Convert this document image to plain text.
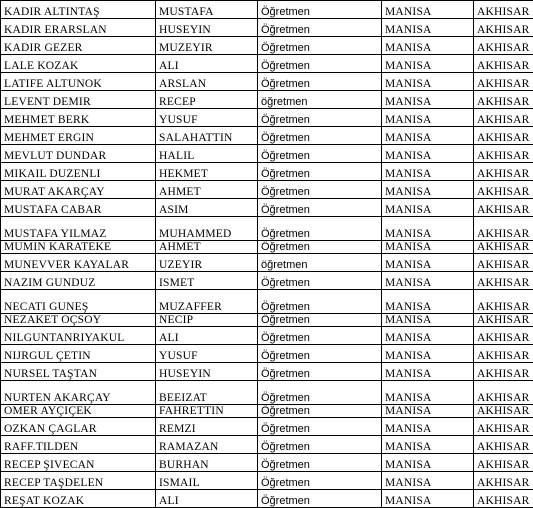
KADIR ALTINTAŞ	MUSTAFA	Öğretmen	MANISA	AKHISAR
KADIR ERARSLAN	HUSEYIN	Öğretmen	MANISA	AKHISAR
KADIR GEZER	MUZEYIR	Öğretmen	MANISA	AKHISAR
LALE KOZAK	ALI	Öğretmen	MANISA	AKHISAR
LATIFE ALTUNOK	ARSLAN	Öğretmen	MANISA	AKHISAR
LEVENT DEMIR	RECEP	öğretmen	MANISA	AKHISAR
MEHMET BERK	YUSUF	Öğretmen	MANISA	AKHISAR
MEHMET ERGIN	SALAHATTIN	Öğretmen	MANISA	AKHISAR
MEVLUT DUNDAR	HALIL	Öğretmen	MANISA	AKHISAR
MIKAIL DUZENLI	HEKMET	Öğretmen	MANISA	AKHISAR
MURAT AKARÇAY	AHMET	Öğretmen	MANISA	AKHISAR
MUSTAFA CABAR	ASIM	Öğretmen	MANISA	AKHISAR
MUSTAFA YILMAZ	MUHAMMED	Öğretmen	MANISA	AKHISAR
MUMIN KARATEKE	AHMET	Öğretmen	MANISA	AKHISAR
MUNEVVER KAYALAR	UZEYIR	öğretmen	MANISA	AKHISAR
NAZIM GUNDUZ	ISMET	Öğretmen	MANISA	AKHISAR
NECATI GUNEŞ	MUZAFFER	Öğretmen	MANISA	AKHISAR
NEZAKET OÇSOY	NECIP	Öğretmen	MANISA	AKHISAR
NILGUNTANRIYAKUL	ALI	Öğretmen	MANISA	AKHISAR
NIJRGUL ÇETIN	YUSUF	Öğretmen	MANISA	AKHISAR
NURSEL TAŞTAN	HUSEYIN	Öğretmen	MANISA	AKHISAR
NURTEN AKARÇAY	BEEIZAT	Öğretmen	MANISA	AKHISAR
OMER AYÇIÇEK	FAHRETTIN	Öğretmen	MANISA	AKHISAR
OZKAN ÇAGLAR	REMZI	Öğretmen	MANISA	AKHISAR
RAFF.TILDEN	RAMAZAN	Öğretmen	MANISA	AKHISAR
RECEP ŞIVECAN	BURHAN	Öğretmen	MANISA	AKHISAR
RECEP TAŞDELEN	ISMAIL	Öğretmen	MANISA	AKHISAR
REŞAT KOZAK	ALI	Öğretmen	MANISA	AKHISAR
